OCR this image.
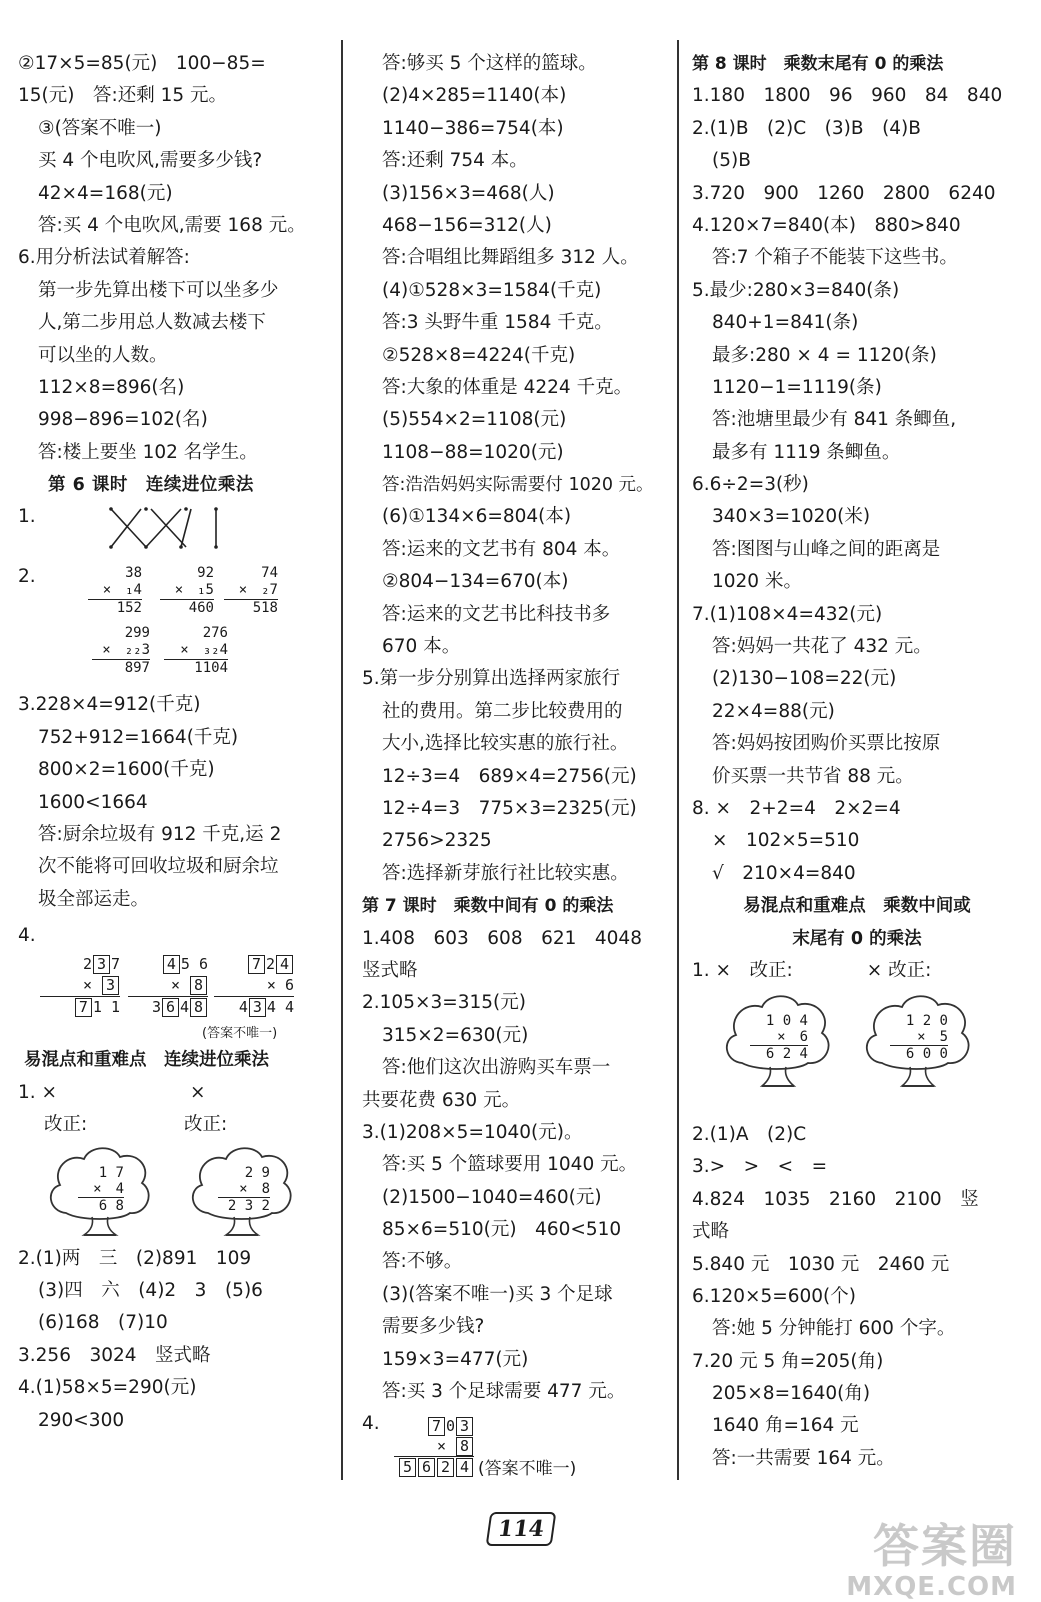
②17×5=85(元)　100−85=
15(元)　答:还剩 15 元。
③(答案不唯一)
买 4 个电吹风,需要多少钱?
42×4=168(元)
答:买 4 个电吹风,需要 168 元。
6.用分析法试着解答:
第一步先算出楼下可以坐多少
人,第二步用总人数减去楼下
可以坐的人数。
112×8=896(名)
998−896=102(名)
答:楼上要坐 102 名学生。
第 6 课时　连续进位乘法
1.
2.	38
×　₁4
152
92
×　₁5
460
74
×　₂7
518
299
×　₂₂3
897
276
×　₃₂4
1104
3.228×4=912(千克)
752+912=1664(千克)
800×2=1600(千克)
1600<1664
答:厨余垃圾有 912 千克,运 2
次不能将可回收垃圾和厨余垃
圾全部运走。
4.
2 3 7
× 3
7 1 1
4 5 6
× 8
3 6 4 8
7 2 4
× 6
4 3 4 4
(答案不唯一)
易混点和重难点　连续进位乘法
1. ×	×
改正:	改正:
1 7
×　4
6 8
2 9
×　8
2 3 2
2.(1)两　三　(2)891　109
(3)四　六　(4)2　3　(5)6
(6)168　(7)10
3.256　3024　竖式略
4.(1)58×5=290(元)
290<300
答:够买 5 个这样的篮球。
(2)4×285=1140(本)
1140−386=754(本)
答:还剩 754 本。
(3)156×3=468(人)
468−156=312(人)
答:合唱组比舞蹈组多 312 人。
(4)①528×3=1584(千克)
答:3 头野牛重 1584 千克。
②528×8=4224(千克)
答:大象的体重是 4224 千克。
(5)554×2=1108(元)
1108−88=1020(元)
答:浩浩妈妈实际需要付 1020 元。
(6)①134×6=804(本)
答:运来的文艺书有 804 本。
②804−134=670(本)
答:运来的文艺书比科技书多
670 本。
5.第一步分别算出选择两家旅行
社的费用。第二步比较费用的
大小,选择比较实惠的旅行社。
12÷3=4　689×4=2756(元)
12÷4=3　775×3=2325(元)
2756>2325
答:选择新芽旅行社比较实惠。
第 7 课时　乘数中间有 0 的乘法
1.408　603　608　621　4048
竖式略
2.105×3=315(元)
315×2=630(元)
答:他们这次出游购买车票一
共要花费 630 元。
3.(1)208×5=1040(元)。
答:买 5 个篮球要用 1040 元。
(2)1500−1040=460(元)
85×6=510(元)　460<510
答:不够。
(3)(答案不唯一)买 3 个足球
需要多少钱?
159×3=477(元)
答:买 3 个足球需要 477 元。
4.	7 0 3
× 8
5 6 2 4 (答案不唯一)
第 8 课时　乘数末尾有 0 的乘法
1.180　1800　96　960　84　840
2.(1)B　(2)C　(3)B　(4)B
(5)B
3.720　900　1260　2800　6240
4.120×7=840(本)　880>840
答:7 个箱子不能装下这些书。
5.最少:280×3=840(条)
840+1=841(条)
最多:280 × 4 = 1120(条)
1120−1=1119(条)
答:池塘里最少有 841 条鲫鱼,
最多有 1119 条鲫鱼。
6.6÷2=3(秒)
340×3=1020(米)
答:图图与山峰之间的距离是
1020 米。
7.(1)108×4=432(元)
答:妈妈一共花了 432 元。
(2)130−108=22(元)
22×4=88(元)
答:妈妈按团购价买票比按原
价买票一共节省 88 元。
8. ×　2+2=4　2×2=4
×　102×5=510
√　210×4=840
易混点和重难点　乘数中间或
末尾有 0 的乘法
1. ×　改正:　　　　× 改正:
1 0 4
×　6
6 2 4
1 2 0
×　5
6 0 0
2.(1)A　(2)C
3.>　>　<　=
4.824　1035　2160　2100　竖
式略
5.840 元　1030 元　2460 元
6.120×5=600(个)
答:她 5 分钟能打 600 个字。
7.20 元 5 角=205(角)
205×8=1640(角)
1640 角=164 元
答:一共需要 164 元。
114	答案圈
MXQE.COM
